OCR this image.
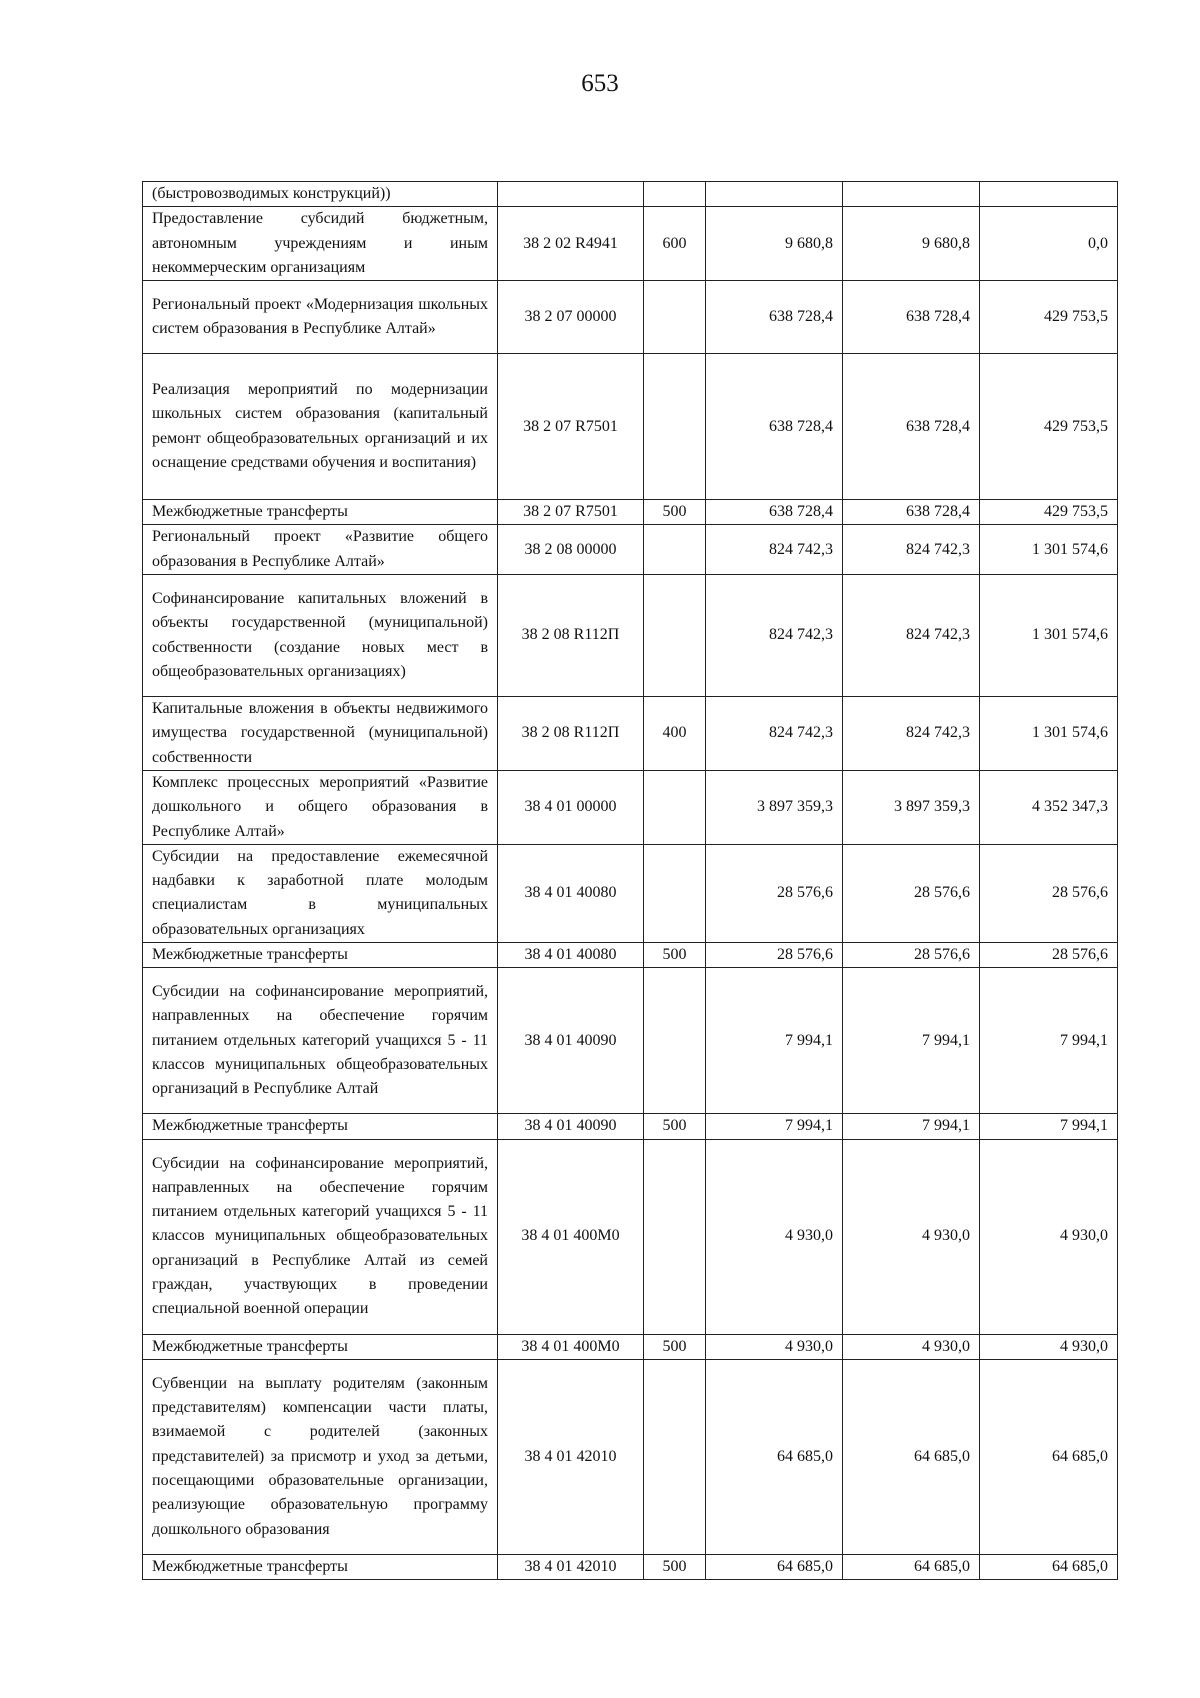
653
(быстровозводимых конструкций))					
Предоставление субсидий бюджетным, автономным учреждениям и иным некоммерческим организациям	38 2 02 R4941	600	9 680,8	9 680,8	0,0
Региональный проект «Модернизация школьных систем образования в Республике Алтай»	38 2 07 00000		638 728,4	638 728,4	429 753,5
Реализация мероприятий по модернизации школьных систем образования (капитальный ремонт общеобразовательных организаций и их оснащение средствами обучения и воспитания)	38 2 07 R7501		638 728,4	638 728,4	429 753,5
Межбюджетные трансферты	38 2 07 R7501	500	638 728,4	638 728,4	429 753,5
Региональный проект «Развитие общего образования в Республике Алтай»	38 2 08 00000		824 742,3	824 742,3	1 301 574,6
Софинансирование капитальных вложений в объекты государственной (муниципальной) собственности (создание новых мест в общеобразовательных организациях)	38 2 08 R112П		824 742,3	824 742,3	1 301 574,6
Капитальные вложения в объекты недвижимого имущества государственной (муниципальной) собственности	38 2 08 R112П	400	824 742,3	824 742,3	1 301 574,6
Комплекс процессных мероприятий «Развитие дошкольного и общего образования в Республике Алтай»	38 4 01 00000		3 897 359,3	3 897 359,3	4 352 347,3
Субсидии на предоставление ежемесячной надбавки к заработной плате молодым специалистам в муниципальных образовательных организациях	38 4 01 40080		28 576,6	28 576,6	28 576,6
Межбюджетные трансферты	38 4 01 40080	500	28 576,6	28 576,6	28 576,6
Субсидии на софинансирование мероприятий, направленных на обеспечение горячим питанием отдельных категорий учащихся 5 - 11 классов муниципальных общеобразовательных организаций в Республике Алтай	38 4 01 40090		7 994,1	7 994,1	7 994,1
Межбюджетные трансферты	38 4 01 40090	500	7 994,1	7 994,1	7 994,1
Субсидии на софинансирование мероприятий, направленных на обеспечение горячим питанием отдельных категорий учащихся 5 - 11 классов муниципальных общеобразовательных организаций в Республике Алтай из семей граждан, участвующих в проведении специальной военной операции	38 4 01 400М0		4 930,0	4 930,0	4 930,0
Межбюджетные трансферты	38 4 01 400М0	500	4 930,0	4 930,0	4 930,0
Субвенции на выплату родителям (законным представителям) компенсации части платы, взимаемой с родителей (законных представителей) за присмотр и уход за детьми, посещающими образовательные организации, реализующие образовательную программу дошкольного образования	38 4 01 42010		64 685,0	64 685,0	64 685,0
Межбюджетные трансферты	38 4 01 42010	500	64 685,0	64 685,0	64 685,0
